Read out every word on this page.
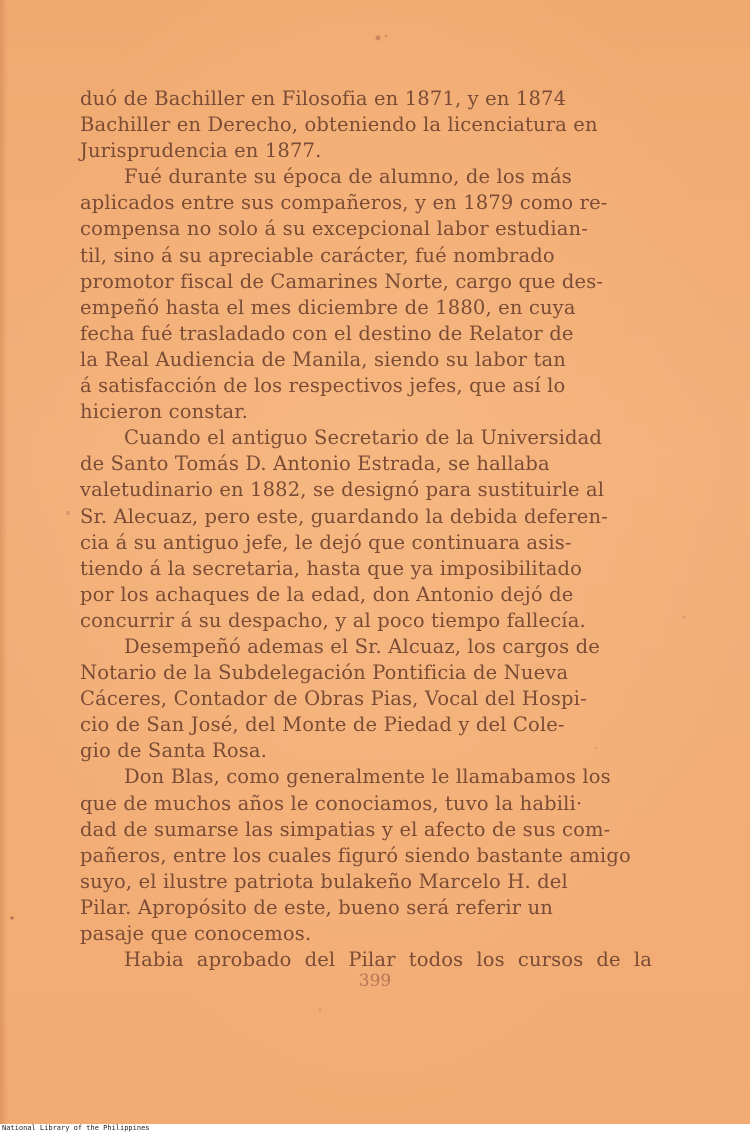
duó de Bachiller en Filosofia en 1871, y en 1874
Bachiller en Derecho, obteniendo la licenciatura en
Jurisprudencia en 1877.

Fué durante su época de alumno, de los más
aplicados entre sus compañeros, y en 1879 como re-
compensa no solo á su excepcional labor estudian-
til, sino á su apreciable carácter, fué nombrado
promotor fiscal de Camarines Norte, cargo que des-
empeñó hasta el mes diciembre de 1880, en cuya
fecha fué trasladado con el destino de Relator de
la Real Audiencia de Manila, siendo su labor tan
á satisfacción de los respectivos jefes, que así lo
hicieron constar.

Cuando el antiguo Secretario de la Universidad
de Santo Tomás D. Antonio Estrada, se hallaba
valetudinario en 1882, se designó para sustituirle al
Sr. Alecuaz, pero este, guardando la debida deferen-
cia á su antiguo jefe, le dejó que continuara asis-
tiendo á la secretaria, hasta que ya imposibilitado
por los achaques de la edad, don Antonio dejó de
concurrir á su despacho, y al poco tiempo fallecía.

Desempeñó ademas el Sr. Alcuaz, los cargos de
Notario de la Subdelegación Pontificia de Nueva
Cáceres, Contador de Obras Pias, Vocal del Hospi-
cio de San José, del Monte de Piedad y del Cole-
gio de Santa Rosa.

Don Blas, como generalmente le llamabamos los
que de muchos años le conociamos, tuvo la habili·
dad de sumarse las simpatias y el afecto de sus com-
pañeros, entre los cuales figuró siendo bastante amigo
suyo, el ilustre patriota bulakeño Marcelo H. del
Pilar. Apropósito de este, bueno será referir un
pasaje que conocemos.

Habia aprobado del Pilar todos los cursos de la

399
National Library of the Philippines
